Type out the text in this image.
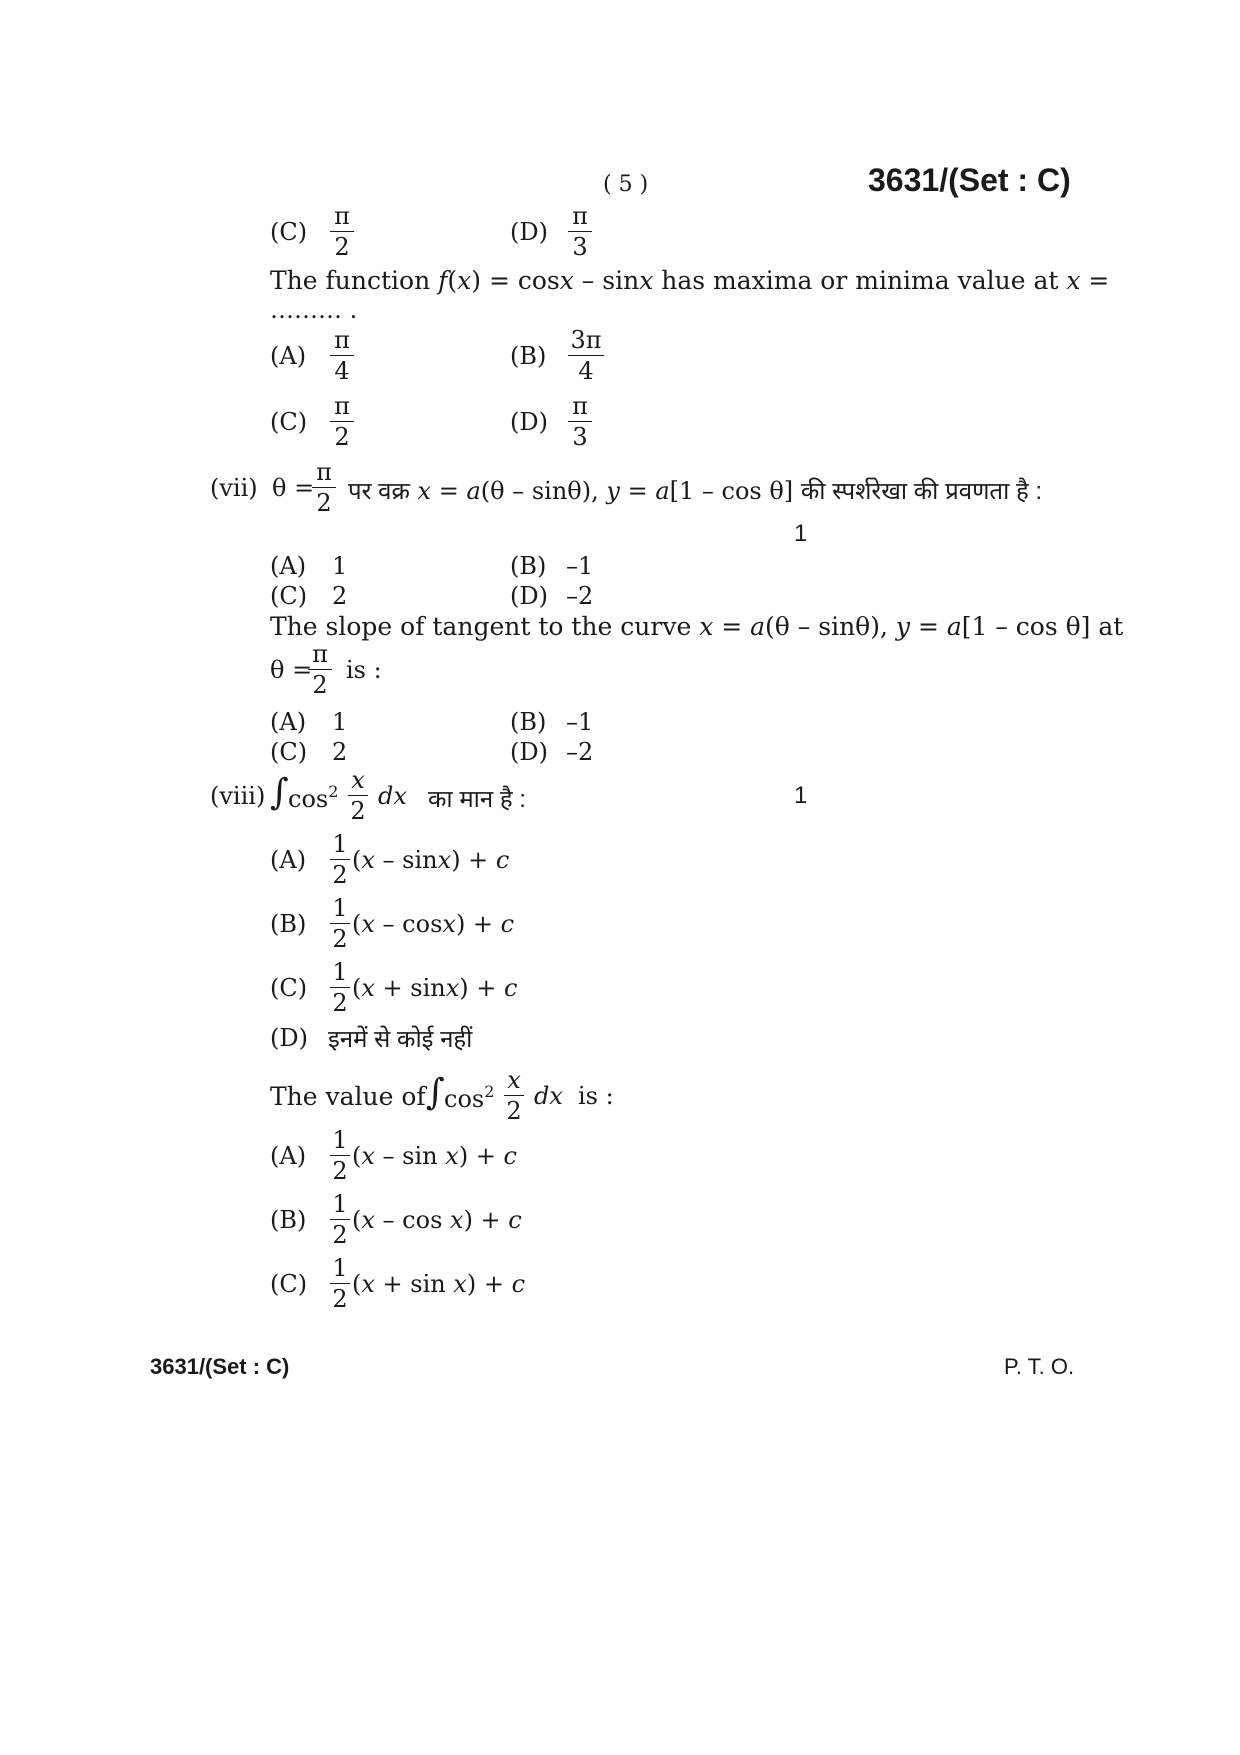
( 5 )	3631/(Set : C)
$(C) \frac{\pi}{2}$	$(D) \frac{\pi}{3}$
The function f(x) = cosx – sinx has maxima or minima value at x =
……… .
$(A) \frac{\pi}{4}$	$(B) \frac{3\pi}{4}$
$(C) \frac{\pi}{2}$	$(D) \frac{\pi}{3}$
(vii) θ =
$\frac{\pi}{2}$ पर वक्र x = a(θ – sinθ), y = a[1 – cos θ] की स्पर्शरेखा की प्रवणता है :
1
(A) 1	(B) –1
(C) 2	(D) –2
The slope of tangent to the curve x = a(θ – sinθ), y = a[1 – cos θ] at
θ =
$\frac{\pi}{2}$ is :
(A) 1	(B) –1
(C) 2	(D) –2
(viii) ∫ $\cos^2 \frac{x}{2}$ dx का मान है :	1
$(A) \frac{1}{2} (x - \sin x) + c$
$(B) \frac{1}{2} (x - \cos x) + c$
$(C) \frac{1}{2} (x + \sin x) + c$
(D) इनमें से कोई नहीं
The value of ∫ $\cos^2 \frac{x}{2}$ dx is :
$(A) \frac{1}{2} (x - \sin x) + c$
$(B) \frac{1}{2} (x - \cos x) + c$
$(C) \frac{1}{2} (x + \sin x) + c$
3631/(Set : C)	P. T. O.
